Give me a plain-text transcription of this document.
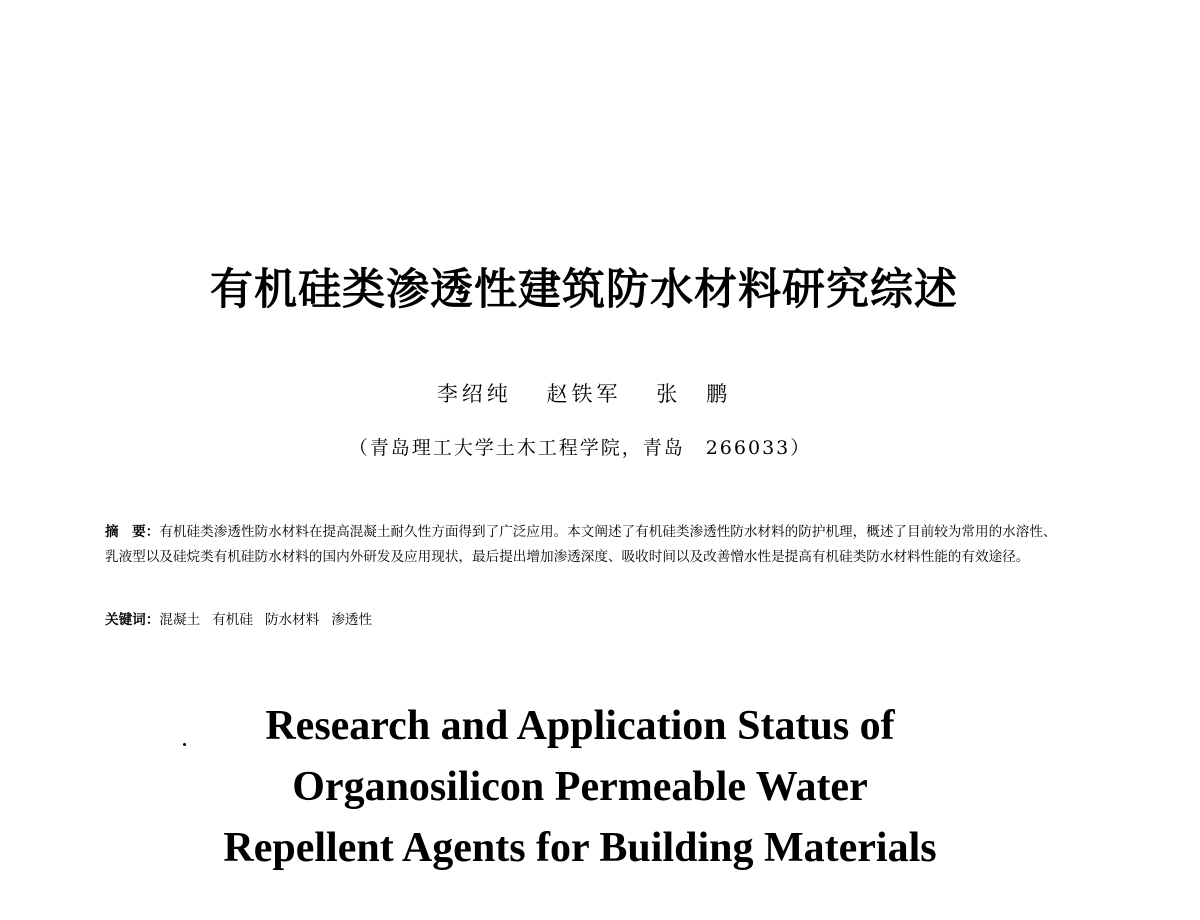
有机硅类渗透性建筑防水材料研究综述
李绍纯 赵铁军 张　鹏
（青岛理工大学土木工程学院，青岛　266033）
摘　要：有机硅类渗透性防水材料在提高混凝土耐久性方面得到了广泛应用。本文阐述了有机硅类渗透性防水材料的防护机理，概述了目前较为常用的水溶性、乳液型以及硅烷类有机硅防水材料的国内外研发及应用现状，最后提出增加渗透深度、吸收时间以及改善憎水性是提高有机硅类防水材料性能的有效途径。
关键词：混凝土 有机硅 防水材料 渗透性
Research and Application Status of
Organosilicon Permeable Water
Repellent Agents for Building Materials
